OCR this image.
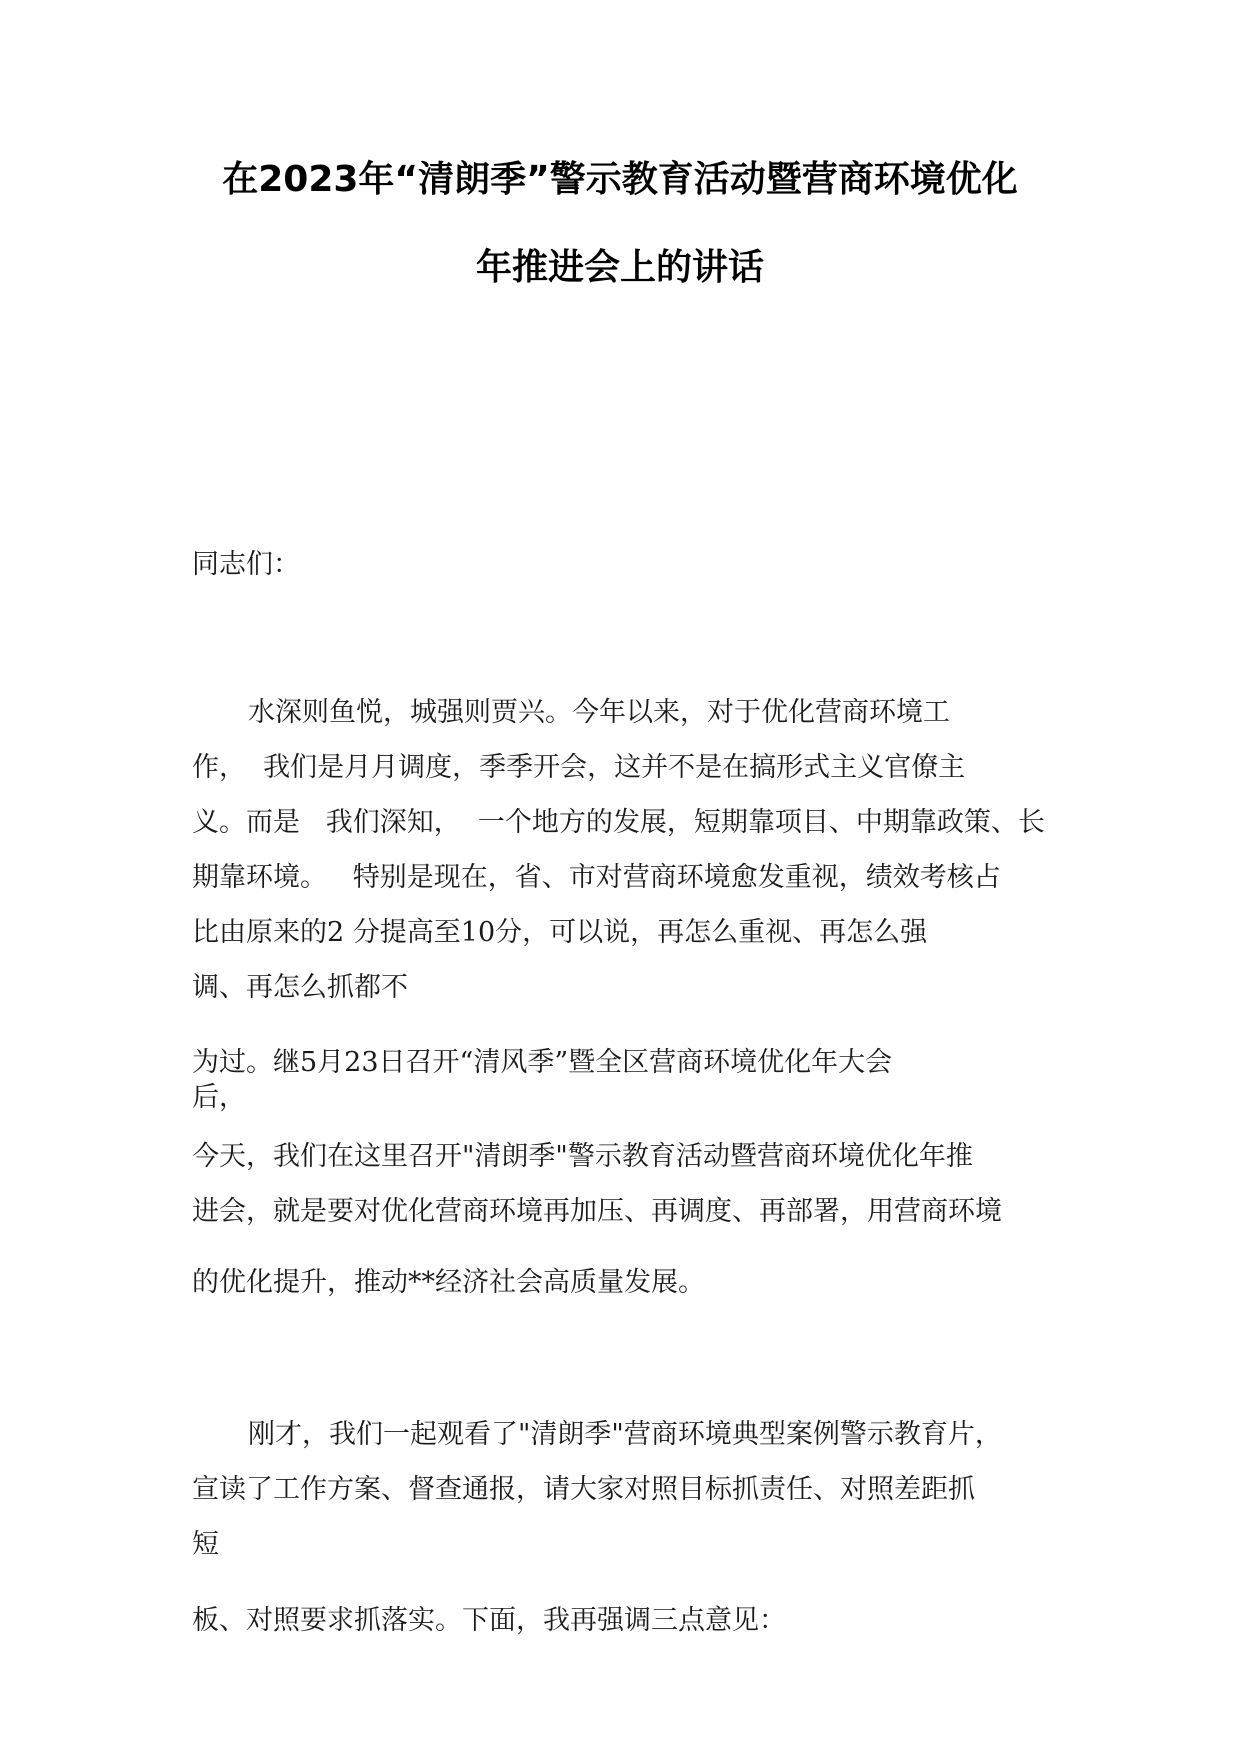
在2023年“清朗季”警示教育活动暨营商环境优化
年推进会上的讲话
同志们：
水深则鱼悦，城强则贾兴。今年以来，对于优化营商环境工
作，  我们是月月调度，季季开会，这并不是在搞形式主义官僚主
义。而是   我们深知，  一个地方的发展，短期靠项目、中期靠政策、长
期靠环境。   特别是现在，省、市对营商环境愈发重视，绩效考核占
比由原来的2 分提高至10分，可以说，再怎么重视、再怎么强
调、再怎么抓都不
为过。继5月23日召开“清风季”暨全区营商环境优化年大会
后，
今天，我们在这里召开"清朗季"警示教育活动暨营商环境优化年推
进会，就是要对优化营商环境再加压、再调度、再部署，用营商环境
的优化提升，推动**经济社会高质量发展。
刚才，我们一起观看了"清朗季"营商环境典型案例警示教育片，
宣读了工作方案、督查通报，请大家对照目标抓责任、对照差距抓
短
板、对照要求抓落实。下面，我再强调三点意见：
